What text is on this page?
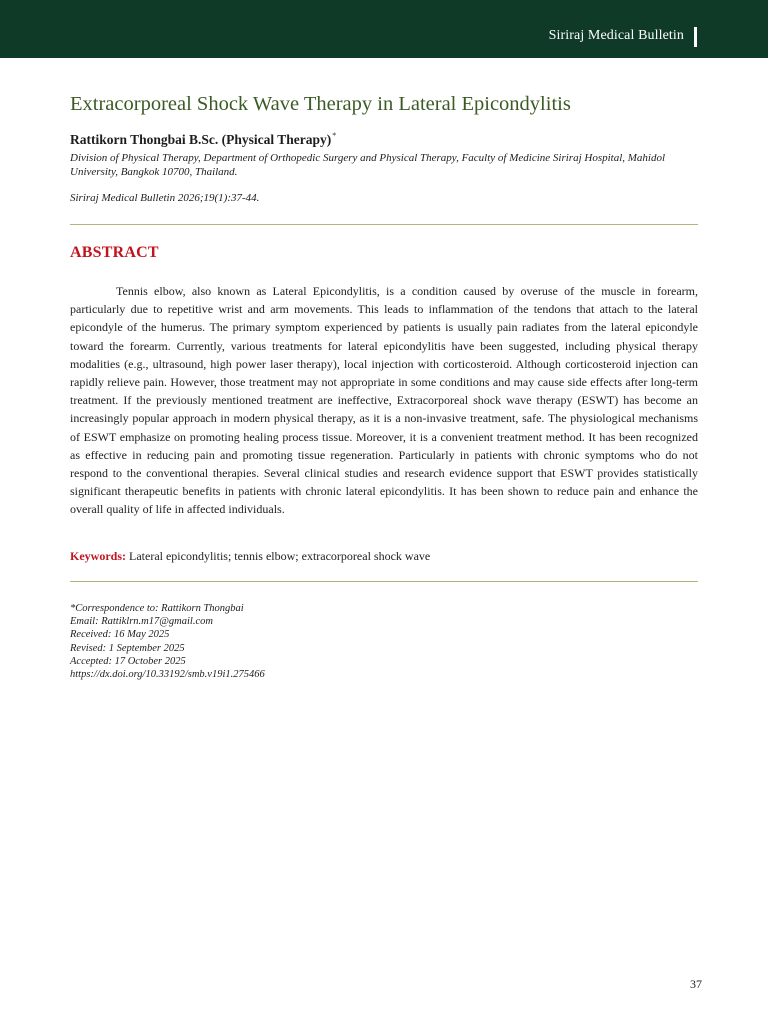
Siriraj Medical Bulletin
Extracorporeal Shock Wave Therapy in Lateral Epicondylitis
Rattikorn Thongbai B.Sc. (Physical Therapy)*
Division of Physical Therapy, Department of Orthopedic Surgery and Physical Therapy, Faculty of Medicine Siriraj Hospital, Mahidol University, Bangkok 10700, Thailand.
Siriraj Medical Bulletin 2026;19(1):37-44.
ABSTRACT

Tennis elbow, also known as Lateral Epicondylitis, is a condition caused by overuse of the muscle in forearm, particularly due to repetitive wrist and arm movements. This leads to inflammation of the tendons that attach to the lateral epicondyle of the humerus. The primary symptom experienced by patients is usually pain radiates from the lateral epicondyle toward the forearm. Currently, various treatments for lateral epicondylitis have been suggested, including physical therapy modalities (e.g., ultrasound, high power laser therapy), local injection with corticosteroid. Although corticosteroid injection can rapidly relieve pain. However, those treatment may not appropriate in some conditions and may cause side effects after long-term treatment. If the previously mentioned treatment are ineffective, Extracorporeal shock wave therapy (ESWT) has become an increasingly popular approach in modern physical therapy, as it is a non-invasive treatment, safe. The physiological mechanisms of ESWT emphasize on promoting healing process tissue. Moreover, it is a convenient treatment method. It has been recognized as effective in reducing pain and promoting tissue regeneration. Particularly in patients with chronic symptoms who do not respond to the conventional therapies. Several clinical studies and research evidence support that ESWT provides statistically significant therapeutic benefits in patients with chronic lateral epicondylitis. It has been shown to reduce pain and enhance the overall quality of life in affected individuals.

Keywords: Lateral epicondylitis; tennis elbow; extracorporeal shock wave
*Correspondence to: Rattikorn Thongbai
Email: Rattiklrn.m17@gmail.com
Received: 16 May 2025
Revised: 1 September 2025
Accepted: 17 October 2025
https://dx.doi.org/10.33192/smb.v19i1.275466
37
